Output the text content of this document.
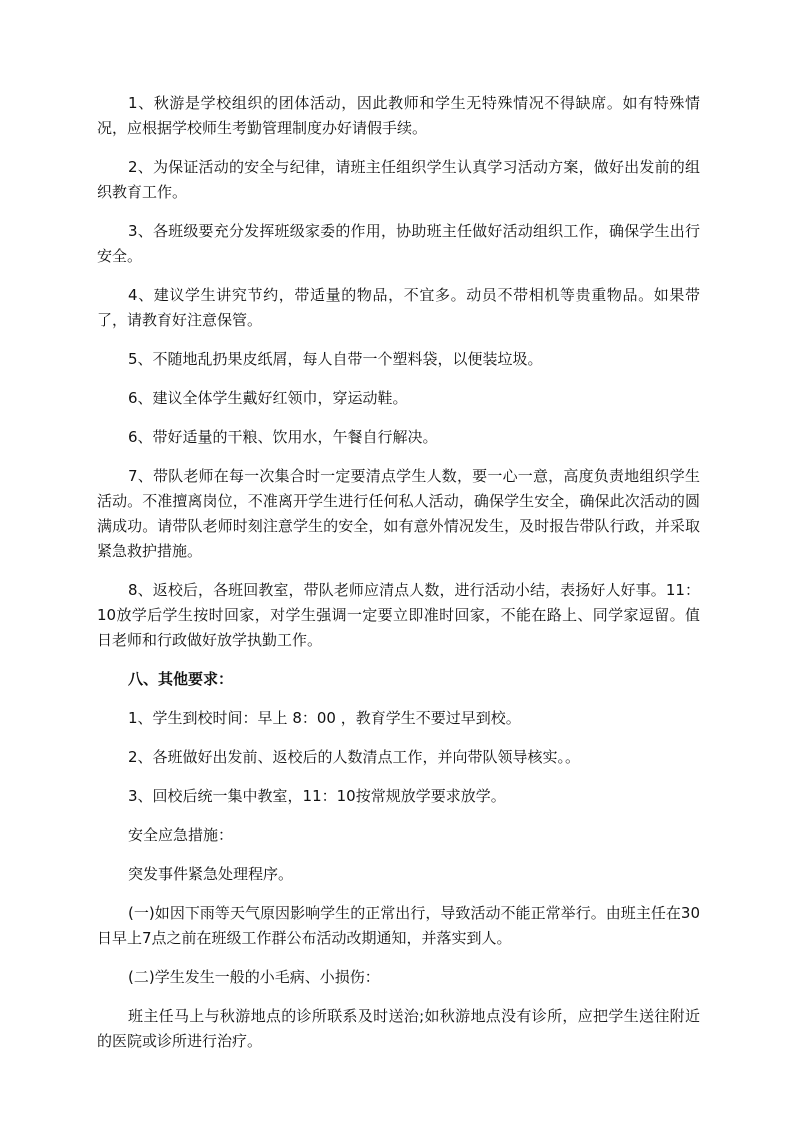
1、秋游是学校组织的团体活动，因此教师和学生无特殊情况不得缺席。如有特殊情况，应根据学校师生考勤管理制度办好请假手续。

2、为保证活动的安全与纪律，请班主任组织学生认真学习活动方案，做好出发前的组织教育工作。

3、各班级要充分发挥班级家委的作用，协助班主任做好活动组织工作，确保学生出行安全。

4、建议学生讲究节约，带适量的物品，不宜多。动员不带相机等贵重物品。如果带了，请教育好注意保管。

5、不随地乱扔果皮纸屑，每人自带一个塑料袋，以便装垃圾。

6、建议全体学生戴好红领巾，穿运动鞋。

6、带好适量的干粮、饮用水，午餐自行解决。

7、带队老师在每一次集合时一定要清点学生人数，要一心一意，高度负责地组织学生活动。不准擅离岗位，不准离开学生进行任何私人活动，确保学生安全，确保此次活动的圆满成功。请带队老师时刻注意学生的安全，如有意外情况发生，及时报告带队行政，并采取紧急救护措施。

8、返校后，各班回教室，带队老师应清点人数，进行活动小结，表扬好人好事。11：10放学后学生按时回家，对学生强调一定要立即准时回家，不能在路上、同学家逗留。值日老师和行政做好放学执勤工作。

八、其他要求：

1、学生到校时间：早上 8：00 ，教育学生不要过早到校。

2、各班做好出发前、返校后的人数清点工作，并向带队领导核实。。

3、回校后统一集中教室，11：10按常规放学要求放学。

安全应急措施：

突发事件紧急处理程序。

(一)如因下雨等天气原因影响学生的正常出行，导致活动不能正常举行。由班主任在30日早上7点之前在班级工作群公布活动改期通知，并落实到人。

(二)学生发生一般的小毛病、小损伤：

班主任马上与秋游地点的诊所联系及时送治;如秋游地点没有诊所，应把学生送往附近的医院或诊所进行治疗。
